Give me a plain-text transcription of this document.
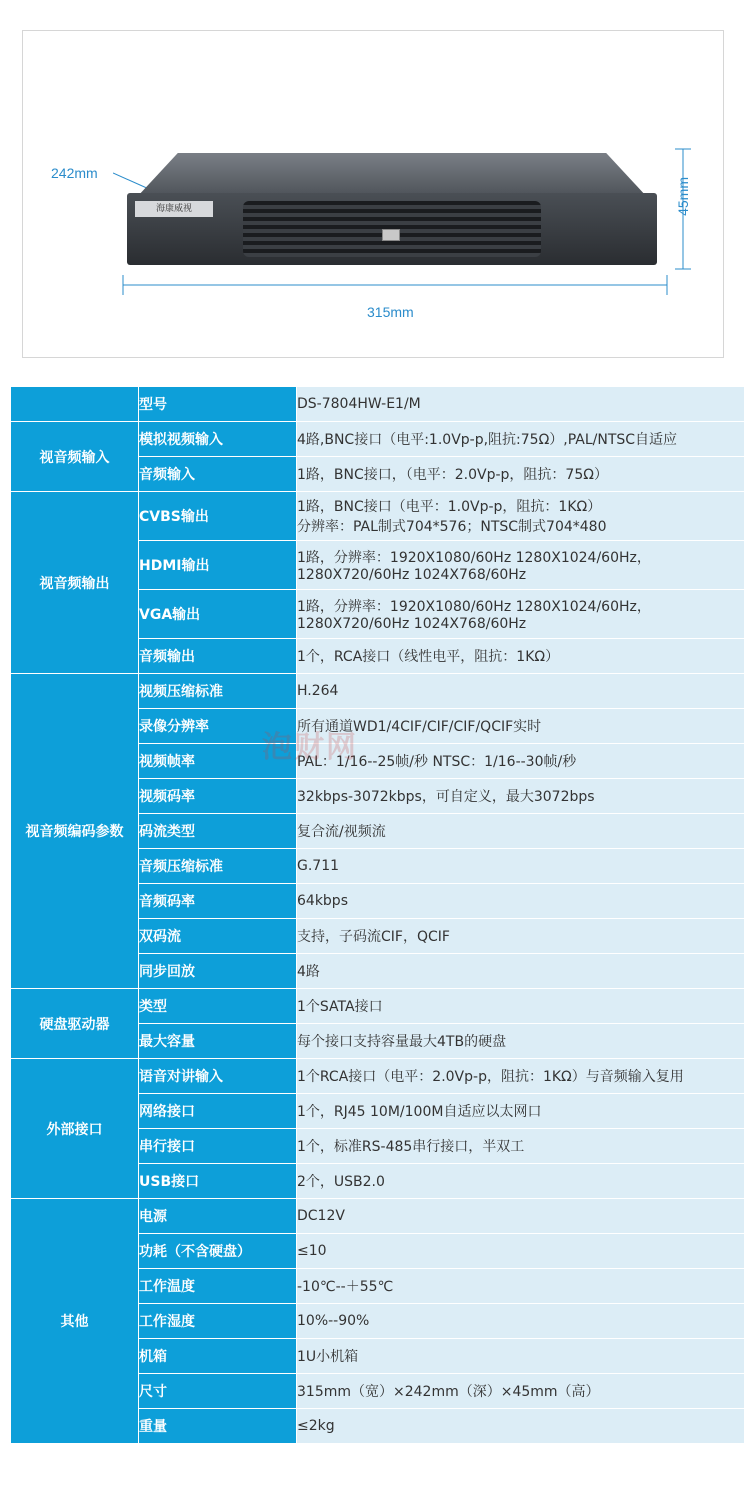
242mm
海康威视	45mm
315mm
	型号	DS-7804HW-E1/M
视音频输入	模拟视频输入	4路,BNC接口（电平:1.0Vp-p,阻抗:75Ω）,PAL/NTSC自适应
	音频输入	1路，BNC接口，（电平：2.0Vp-p，阻抗：75Ω）
视音频输出	CVBS输出	1路，BNC接口（电平：1.0Vp-p，阻抗：1KΩ）
分辨率：PAL制式704*576；NTSC制式704*480
	HDMI输出	1路，分辨率：1920X1080/60Hz 1280X1024/60Hz，
1280X720/60Hz 1024X768/60Hz
	VGA输出	1路，分辨率：1920X1080/60Hz 1280X1024/60Hz，
1280X720/60Hz 1024X768/60Hz
	音频输出	1个，RCA接口（线性电平，阻抗：1KΩ）
视音频编码参数	视频压缩标准	H.264
	录像分辨率	所有通道WD1/4CIF/CIF/CIF/QCIF实时
	视频帧率	PAL：1/16--25帧/秒 NTSC：1/16--30帧/秒
	视频码率	32kbps-3072kbps，可自定义，最大3072bps
	码流类型	复合流/视频流
	音频压缩标准	G.711
	音频码率	64kbps
	双码流	支持，子码流CIF，QCIF
	同步回放	4路
硬盘驱动器	类型	1个SATA接口
	最大容量	每个接口支持容量最大4TB的硬盘
外部接口	语音对讲输入	1个RCA接口（电平：2.0Vp-p，阻抗：1KΩ）与音频输入复用
	网络接口	1个，RJ45 10M/100M自适应以太网口
	串行接口	1个，标准RS-485串行接口，半双工
	USB接口	2个，USB2.0
其他	电源	DC12V
	功耗（不含硬盘）	≤10
	工作温度	-10℃--＋55℃
	工作湿度	10%--90%
	机箱	1U小机箱
	尺寸	315mm（宽）×242mm（深）×45mm（高）
	重量	≤2kg
泡财网
